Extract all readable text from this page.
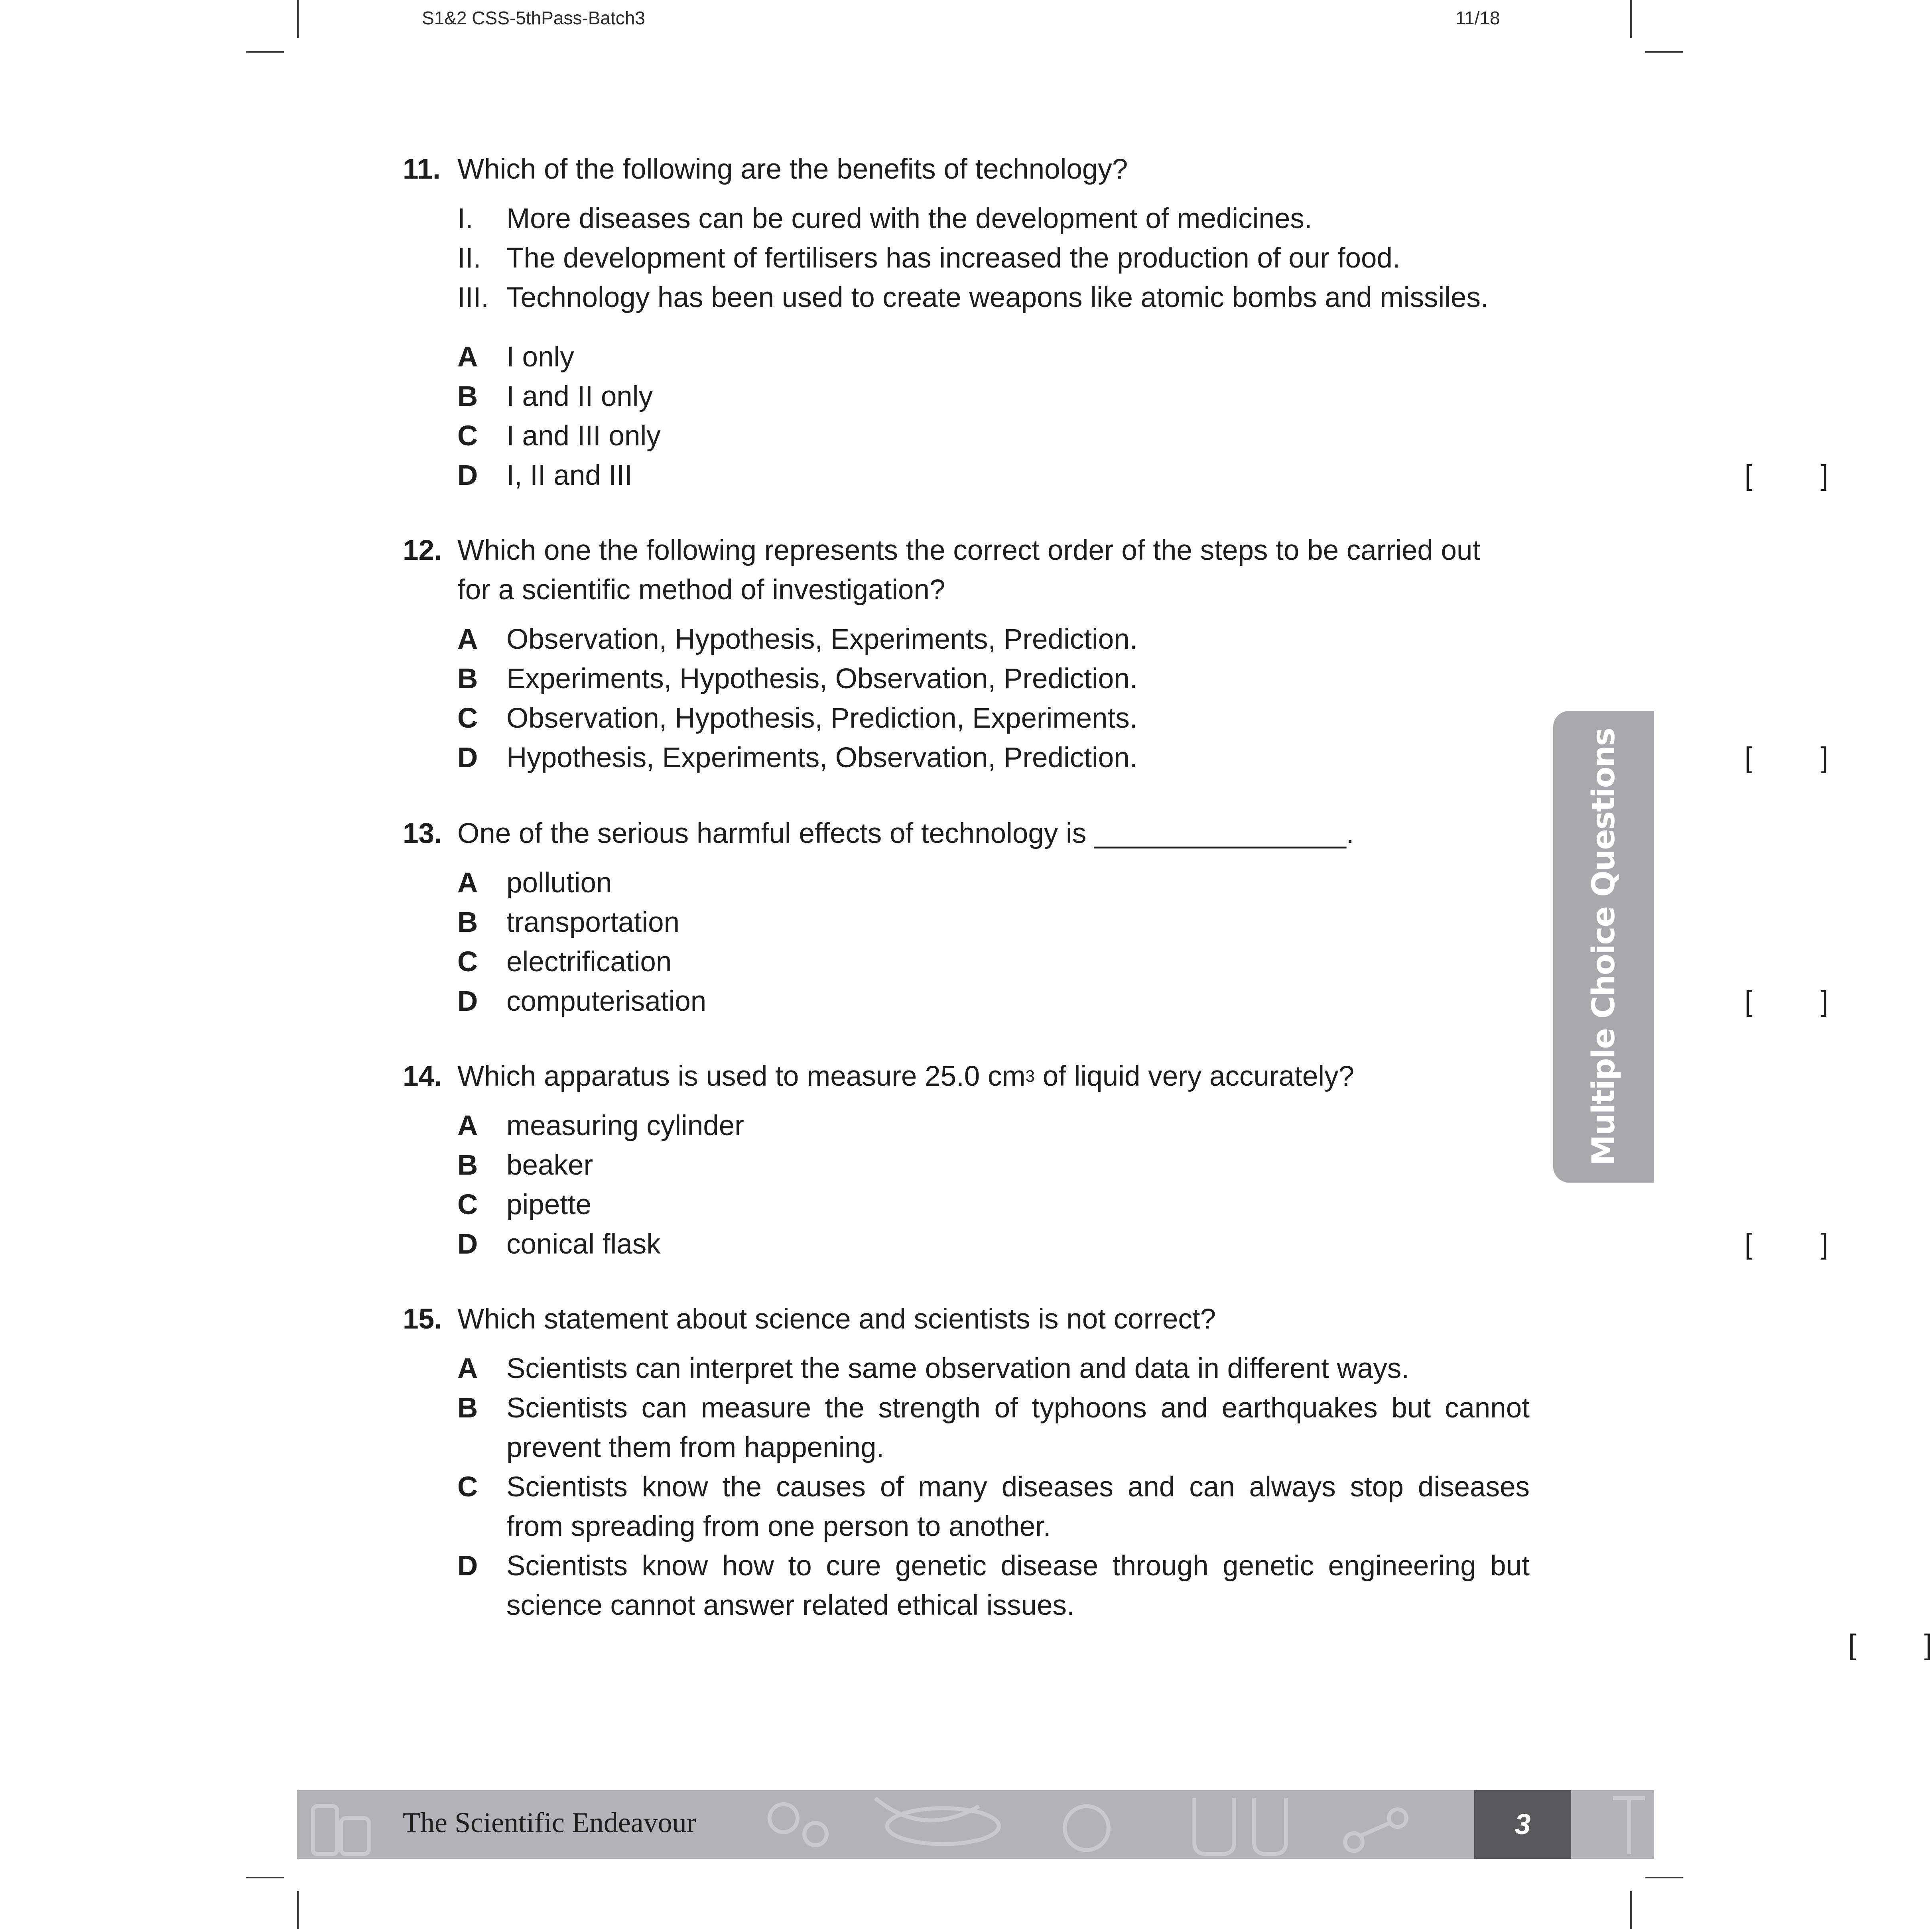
S1&2 CSS-5thPass-Batch3	11/18
11. Which of the following are the benefits of technology?
I. More diseases can be cured with the development of medicines.
II. The development of fertilisers has increased the production of our food.
III. Technology has been used to create weapons like atomic bombs and missiles.
A I only
B I and II only
C I and III only
D I, II and III	[ ]
12. Which one the following represents the correct order of the steps to be carried out
for a scientific method of investigation?
A Observation, Hypothesis, Experiments, Prediction.
B Experiments, Hypothesis, Observation, Prediction.
C Observation, Hypothesis, Prediction, Experiments.
D Hypothesis, Experiments, Observation, Prediction.	[ ]
13. One of the serious harmful effects of technology is ________________.
A pollution
B transportation
C electrification
D computerisation	[ ]
14. Which apparatus is used to measure 25.0 $cm^3$ of liquid very accurately?
A measuring cylinder
B beaker
C pipette
D conical flask	[ ]
15. Which statement about science and scientists is not correct?
A Scientists can interpret the same observation and data in different ways.
B Scientists can measure the strength of typhoons and earthquakes but cannot
prevent them from happening.
C Scientists know the causes of many diseases and can always stop diseases
from spreading from one person to another.
D Scientists know how to cure genetic disease through genetic engineering but
science cannot answer related ethical issues.
[ ]
Multiple Choice Questions
The Scientific Endeavour	3
